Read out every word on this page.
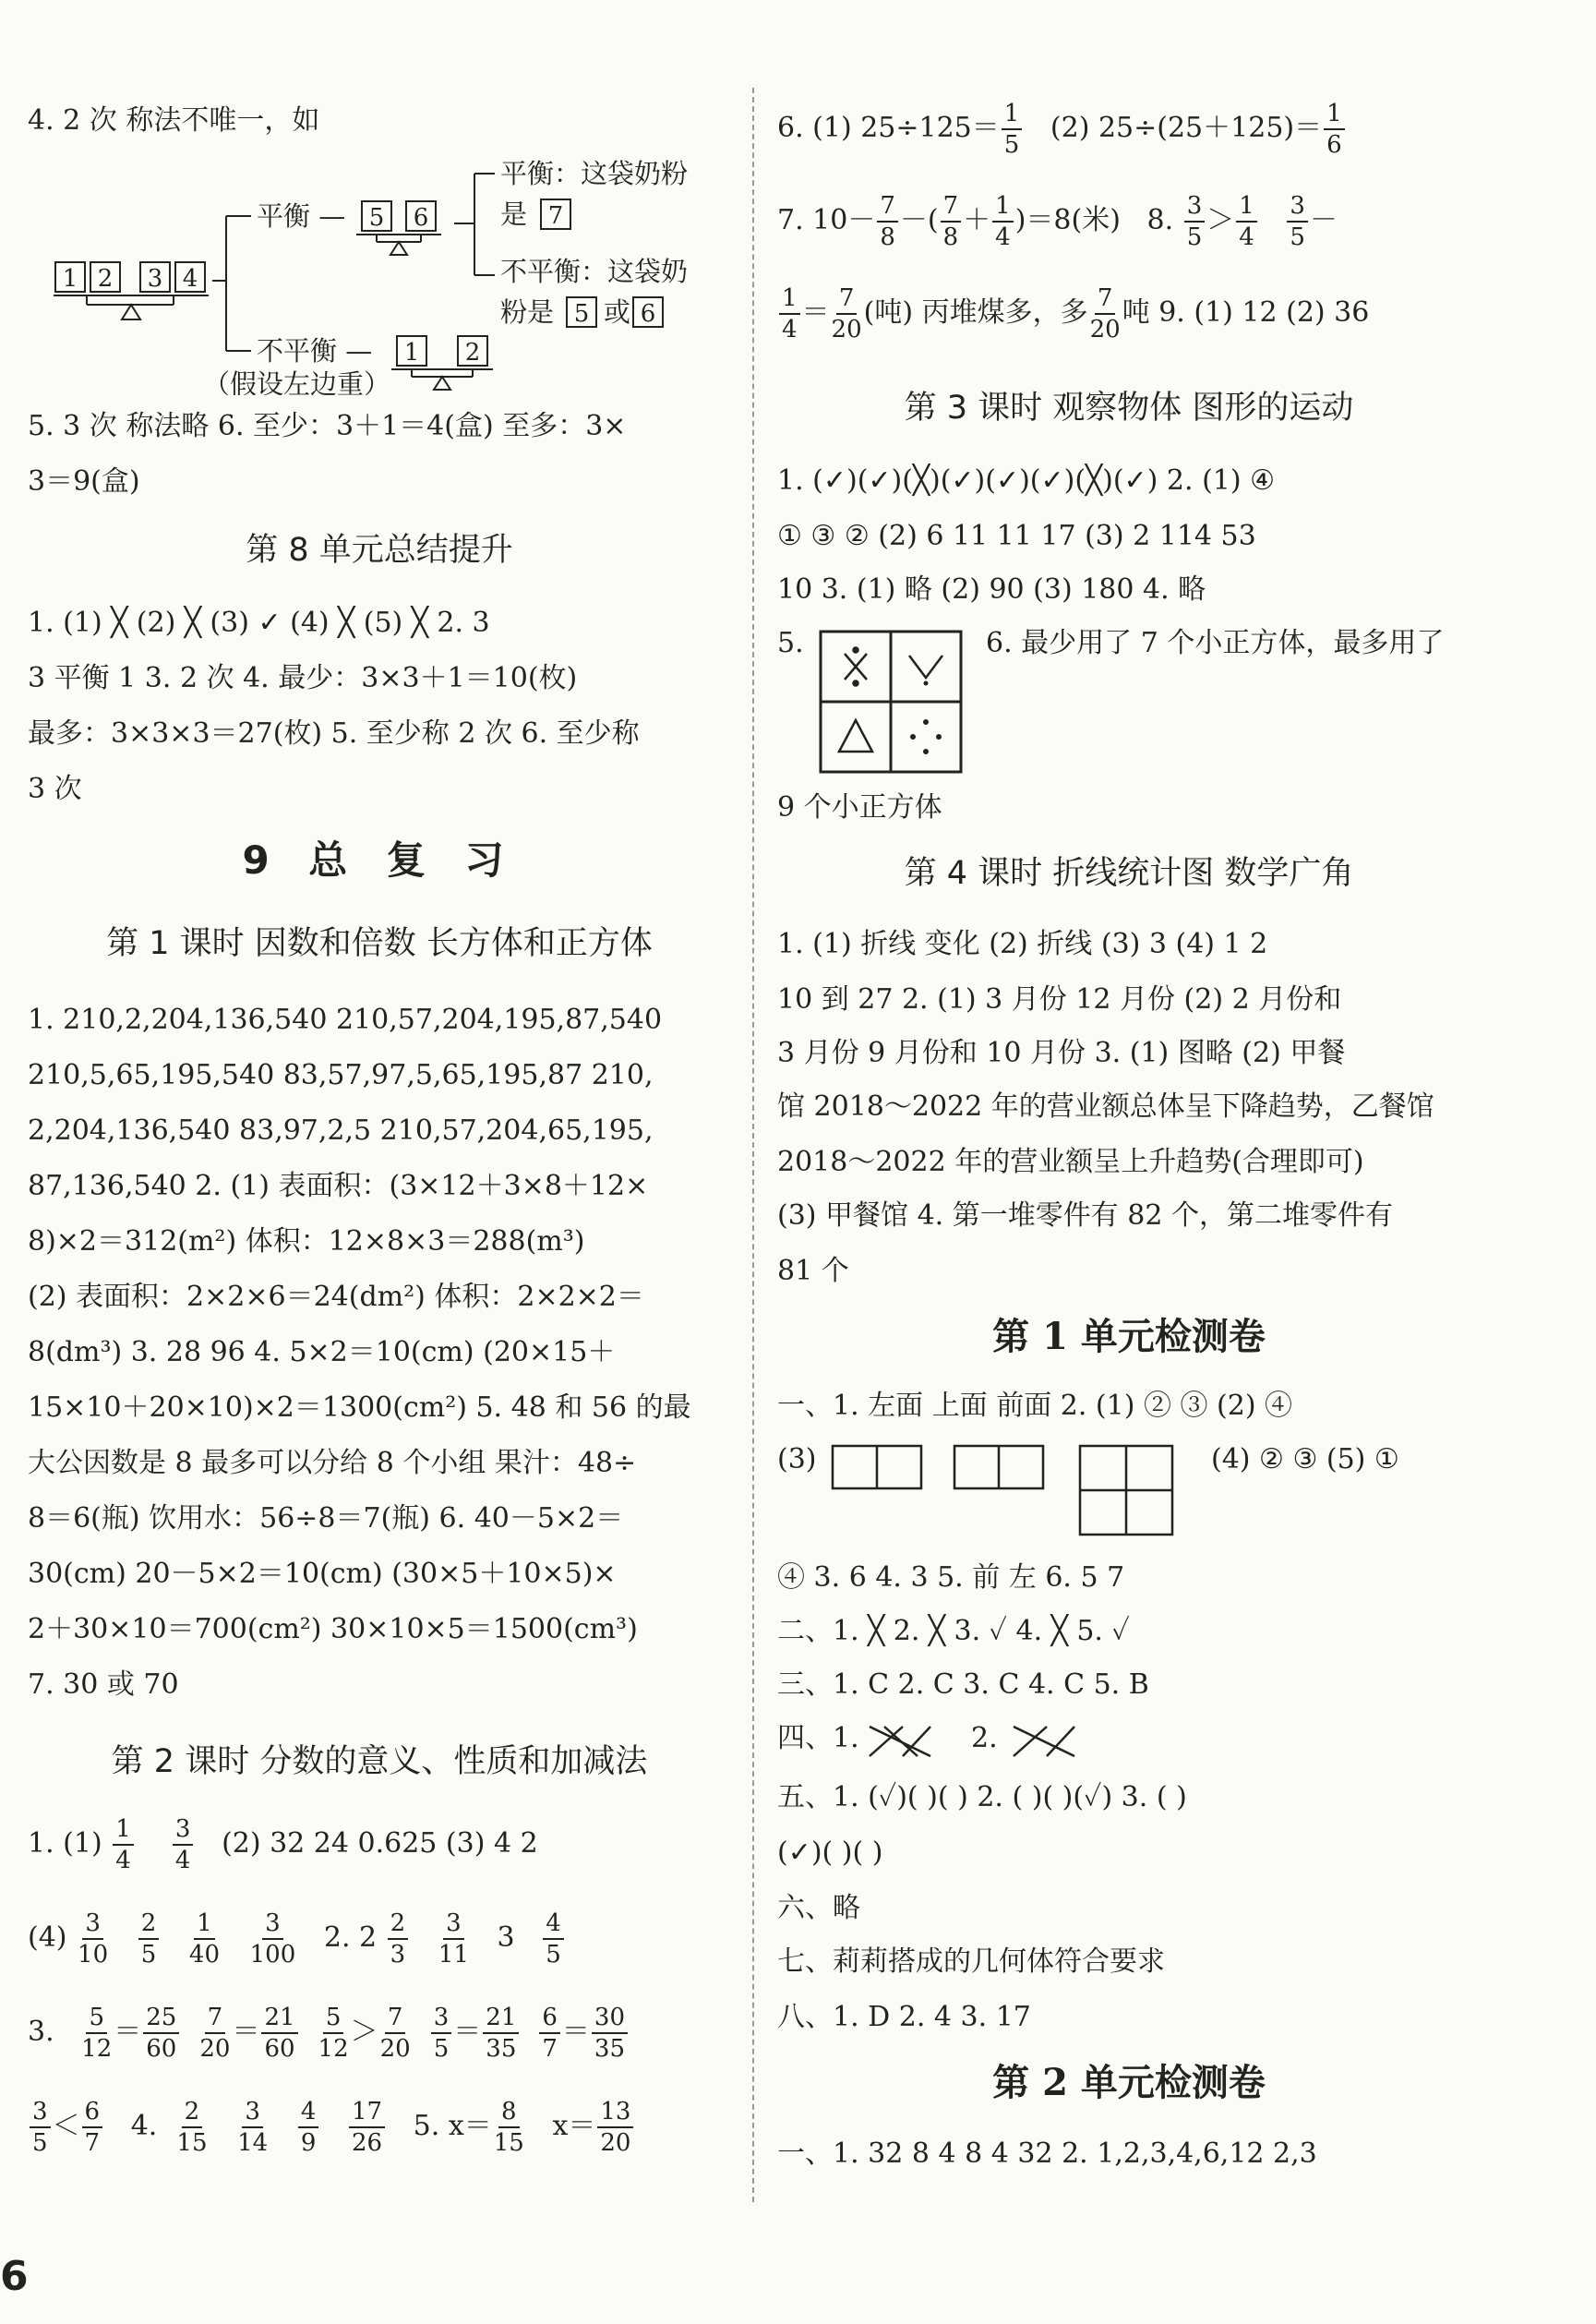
4. 2 次 称法不唯一，如
1 2 3 4
平衡 — 5 6
平衡：这袋奶粉
是 7
不平衡：这袋奶
粉是 5 或 6
不平衡 — 1 2
（假设左边重）
5. 3 次 称法略 6. 至少：3＋1＝4(盒) 至多：3×
3＝9(盒)
第 8 单元总结提升
1. (1) ╳ (2) ╳ (3) ✓ (4) ╳ (5) ╳ 2. 3
3 平衡 1 3. 2 次 4. 最少：3×3＋1＝10(枚)
最多：3×3×3＝27(枚) 5. 至少称 2 次 6. 至少称
3 次
9 总 复 习
第 1 课时 因数和倍数 长方体和正方体
1. 210,2,204,136,540 210,57,204,195,87,540
210,5,65,195,540 83,57,97,5,65,195,87 210,
2,204,136,540 83,97,2,5 210,57,204,65,195,
87,136,540 2. (1) 表面积：(3×12＋3×8＋12×
8)×2＝312(m²) 体积：12×8×3＝288(m³)
(2) 表面积：2×2×6＝24(dm²) 体积：2×2×2＝
8(dm³) 3. 28 96 4. 5×2＝10(cm) (20×15＋
15×10＋20×10)×2＝1300(cm²) 5. 48 和 56 的最
大公因数是 8 最多可以分给 8 个小组 果汁：48÷
8＝6(瓶) 饮用水：56÷8＝7(瓶) 6. 40－5×2＝
30(cm) 20－5×2＝10(cm) (30×5＋10×5)×
2＋30×10＝700(cm²) 30×10×5＝1500(cm³)
7. 30 或 70
第 2 课时 分数的意义、性质和加减法
1. $(1) \frac{1}{4}$
$\frac{3}{4} (2)$ 32 24 0.625 (3) 4 2
$(4) \frac{3}{10}$
$\frac{2}{5}$
$\frac{1}{40}$
$\frac{3}{100} 2$. $2 \frac{2}{3}$
$\frac{3}{11} 3 \frac{4}{5}$
3. $\frac{5}{12} = \frac{25}{60} \frac{7}{20} = \frac{21}{60} \frac{5}{12} > \frac{7}{20} \frac{3}{5} = \frac{21}{35} \frac{6}{7} = \frac{30}{35}$
$\frac{3}{5} < \frac{6}{7} 4$. $\frac{2}{15}$
$\frac{3}{14}$
$\frac{4}{9}$
$\frac{17}{26} 5$. $x= \frac{8}{15} x= \frac{13}{20}$
6
6. (1) $25\div 125= \frac{1}{5} (2)$ $25\div(25+125)= \frac{1}{6}$
7. $10- \frac{7}{8}$ －( $\frac{7}{8} + \frac{1}{4} )=8$(米) 8. $\frac{3}{5} > \frac{1}{4}$
$\frac{3}{5}$ －
$\frac{1}{4} = \frac{7}{20}$ (吨) 丙堆煤多，多 $\frac{7}{20}$ 吨 9. (1) 12 (2) 36
第 3 课时 观察物体 图形的运动
1. (✓)(✓)(╳)(✓)(✓)(✓)(╳)(✓) 2. (1) ④
① ③ ② (2) 6 11 11 17 (3) 2 114 53
10 3. (1) 略 (2) 90 (3) 180 4. 略
5.	6. 最少用了 7 个小正方体，最多用了
9 个小正方体
第 4 课时 折线统计图 数学广角
1. (1) 折线 变化 (2) 折线 (3) 3 (4) 1 2
10 到 27 2. (1) 3 月份 12 月份 (2) 2 月份和
3 月份 9 月份和 10 月份 3. (1) 图略 (2) 甲餐
馆 2018～2022 年的营业额总体呈下降趋势，乙餐馆
2018～2022 年的营业额呈上升趋势(合理即可)
(3) 甲餐馆 4. 第一堆零件有 82 个，第二堆零件有
81 个
第 1 单元检测卷
一、1. 左面 上面 前面 2. (1) ② ③ (2) ④
(3)	(4) ② ③ (5) ①
④ 3. 6 4. 3 5. 前 左 6. 5 7
二、1. ╳ 2. ╳ 3. ✓ 4. ╳ 5. ✓
三、1. C 2. C 3. C 4. C 5. B
四、1.	2.
五、1. (✓)( )( ) 2. ( )( )(✓) 3. ( )
(✓)( )( )
六、略
七、莉莉搭成的几何体符合要求
八、1. D 2. 4 3. 17
第 2 单元检测卷
一、1. 32 8 4 8 4 32 2. 1,2,3,4,6,12 2,3
